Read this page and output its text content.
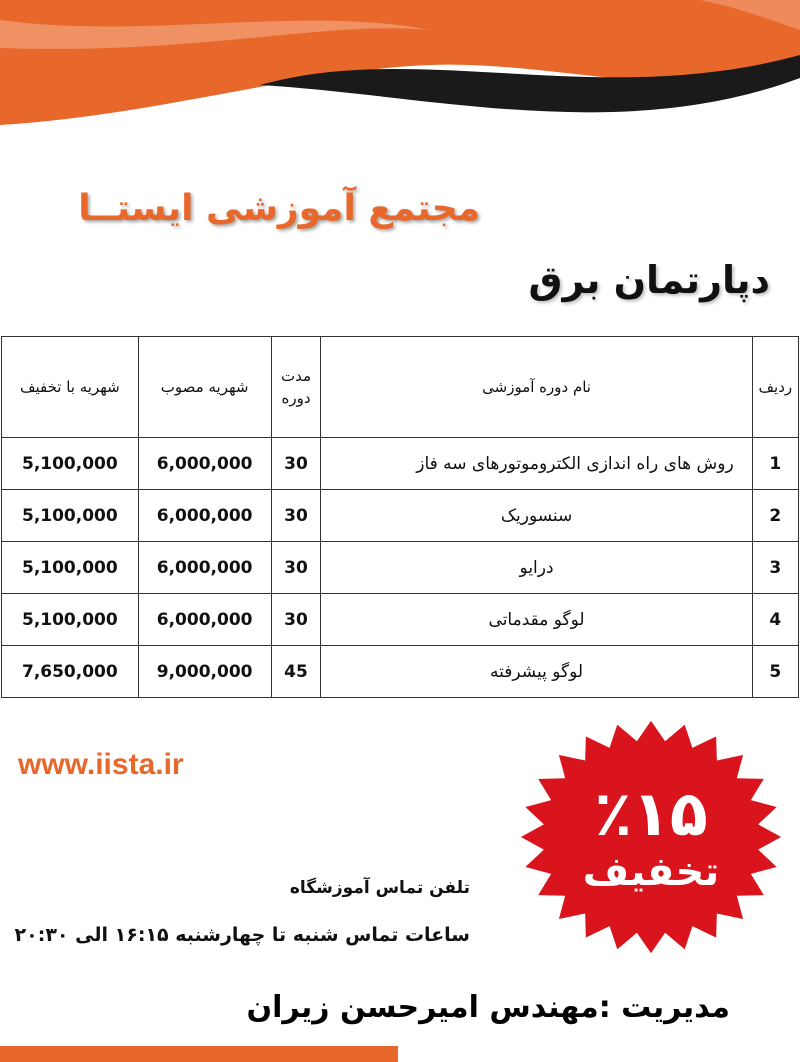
مجتمع آموزشی ایستــا
دپارتمان برق
ردیف	نام دوره آموزشی	مدت دوره	شهریه مصوب	شهریه با تخفیف
1	روش های راه اندازی الکتروموتورهای سه فاز	30	6,000,000	5,100,000
2	سنسوریک	30	6,000,000	5,100,000
3	درایو	30	6,000,000	5,100,000
4	لوگو مقدماتی	30	6,000,000	5,100,000
5	لوگو پیشرفته	45	9,000,000	7,650,000
www.iista.ir
٪۱۵
تخفیف
تلفن تماس آموزشگاه
ساعات تماس شنبه تا چهارشنبه ۱۶:۱۵ الی ۲۰:۳۰
مدیریت :مهندس امیرحسن زیران
